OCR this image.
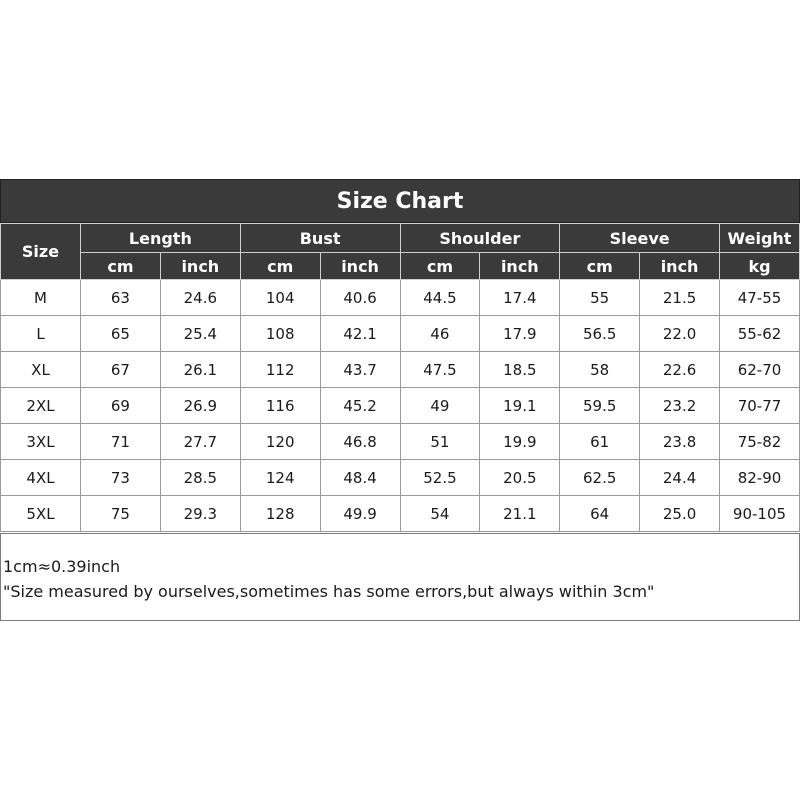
Size Chart
Size	Length		Bust		Shoulder		Sleeve		Weight
	cm	inch	cm	inch	cm	inch	cm	inch	kg
M	63	24.6	104	40.6	44.5	17.4	55	21.5	47-55
L	65	25.4	108	42.1	46	17.9	56.5	22.0	55-62
XL	67	26.1	112	43.7	47.5	18.5	58	22.6	62-70
2XL	69	26.9	116	45.2	49	19.1	59.5	23.2	70-77
3XL	71	27.7	120	46.8	51	19.9	61	23.8	75-82
4XL	73	28.5	124	48.4	52.5	20.5	62.5	24.4	82-90
5XL	75	29.3	128	49.9	54	21.1	64	25.0	90-105
1cm≈0.39inch
"Size measured by ourselves,sometimes has some errors,but always within 3cm"
